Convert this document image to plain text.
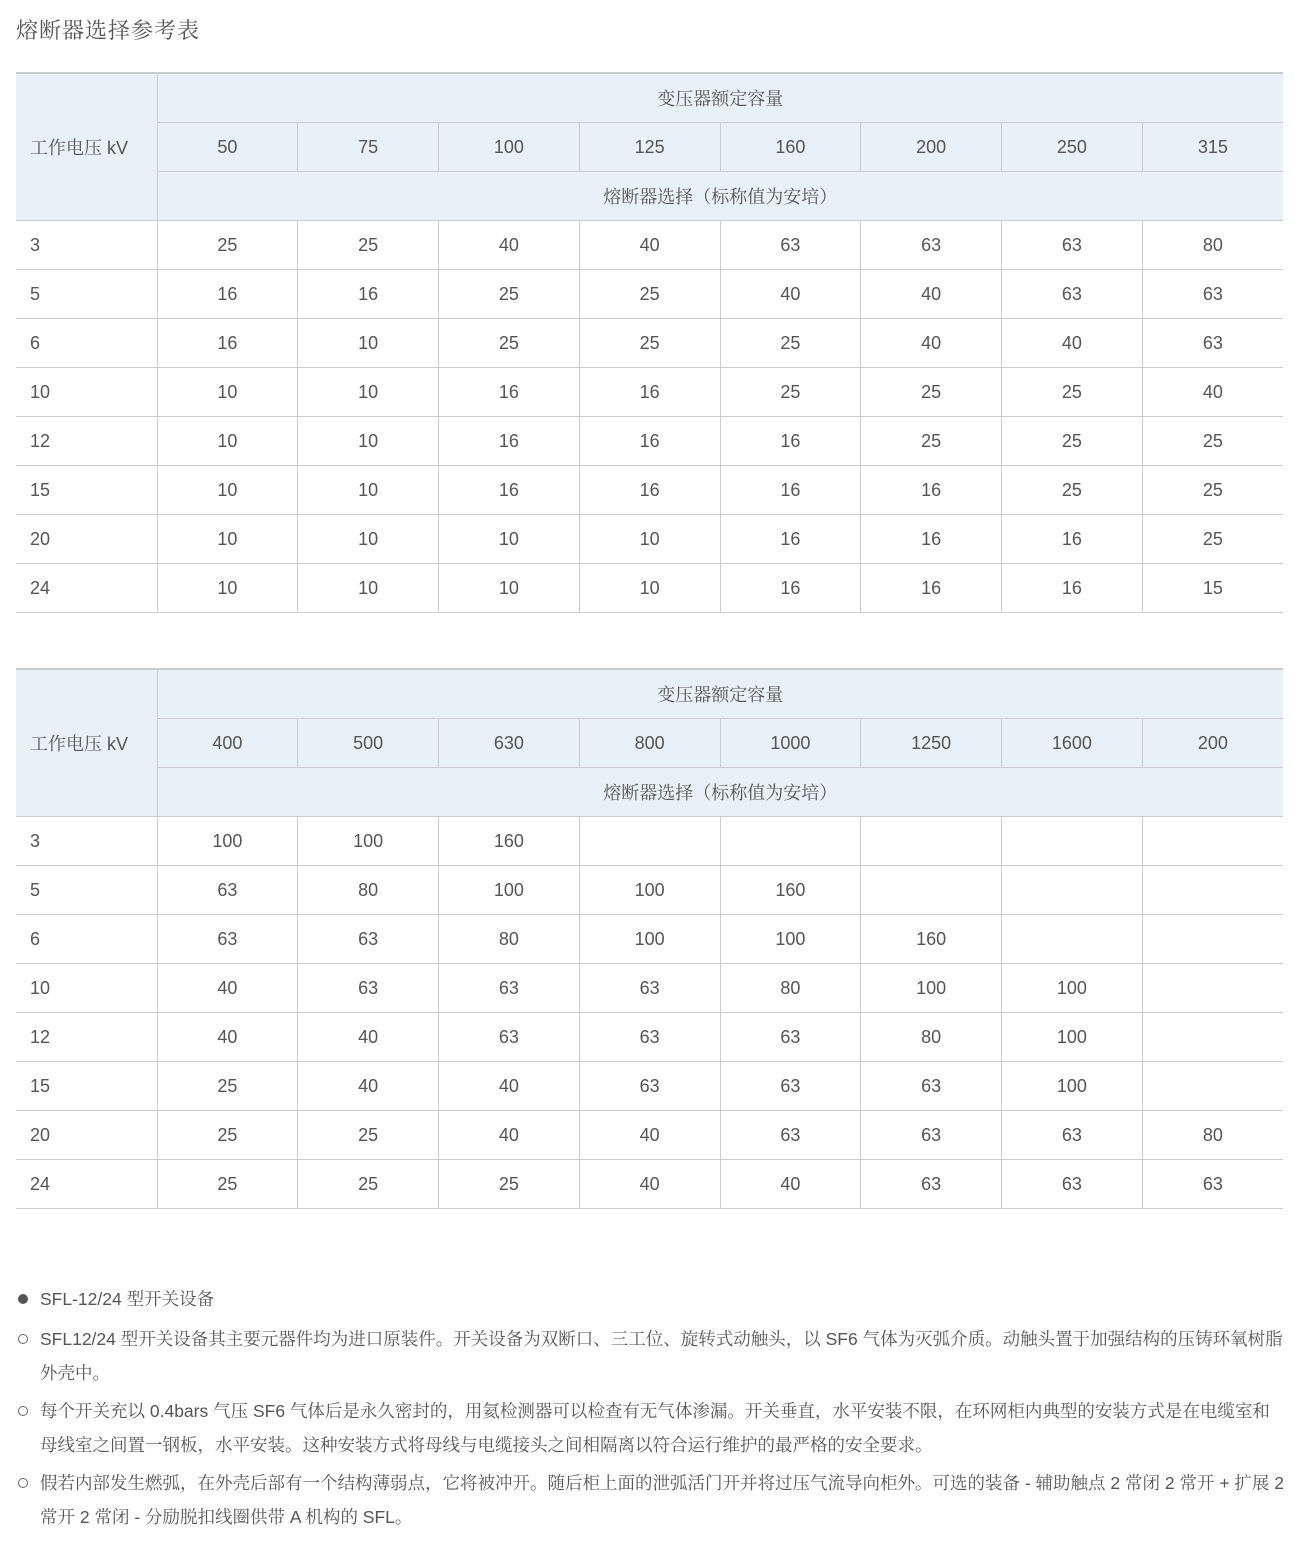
熔断器选择参考表
工作电压 kV	变压器额定容量							
	50	75	100	125	160	200	250	315
	熔断器选择（标称值为安培）							
3	25	25	40	40	63	63	63	80
5	16	16	25	25	40	40	63	63
6	16	10	25	25	25	40	40	63
10	10	10	16	16	25	25	25	40
12	10	10	16	16	16	25	25	25
15	10	10	16	16	16	16	25	25
20	10	10	10	10	16	16	16	25
24	10	10	10	10	16	16	16	15
工作电压 kV	变压器额定容量							
	400	500	630	800	1000	1250	1600	200
	熔断器选择（标称值为安培）							
3	100	100	160					
5	63	80	100	100	160			
6	63	63	80	100	100	160		
10	40	63	63	63	80	100	100	
12	40	40	63	63	63	80	100	
15	25	40	40	63	63	63	100	
20	25	25	40	40	63	63	63	80
24	25	25	25	40	40	63	63	63
SFL-12/24 型开关设备
SFL12/24 型开关设备其主要元器件均为进口原装件。开关设备为双断口、三工位、旋转式动触头，以 SF6 气体为灭弧介质。动触头置于加强结构的压铸环氧树脂外壳中。
每个开关充以 0.4bars 气压 SF6 气体后是永久密封的，用氦检测器可以检查有无气体渗漏。开关垂直，水平安装不限，在环网柜内典型的安装方式是在电缆室和母线室之间置一钢板，水平安装。这种安装方式将母线与电缆接头之间相隔离以符合运行维护的最严格的安全要求。
假若内部发生燃弧，在外壳后部有一个结构薄弱点，它将被冲开。随后柜上面的泄弧活门开并将过压气流导向柜外。可选的装备 - 辅助触点 2 常闭 2 常开 + 扩展 2 常开 2 常闭 - 分励脱扣线圈供带 A 机构的 SFL。
